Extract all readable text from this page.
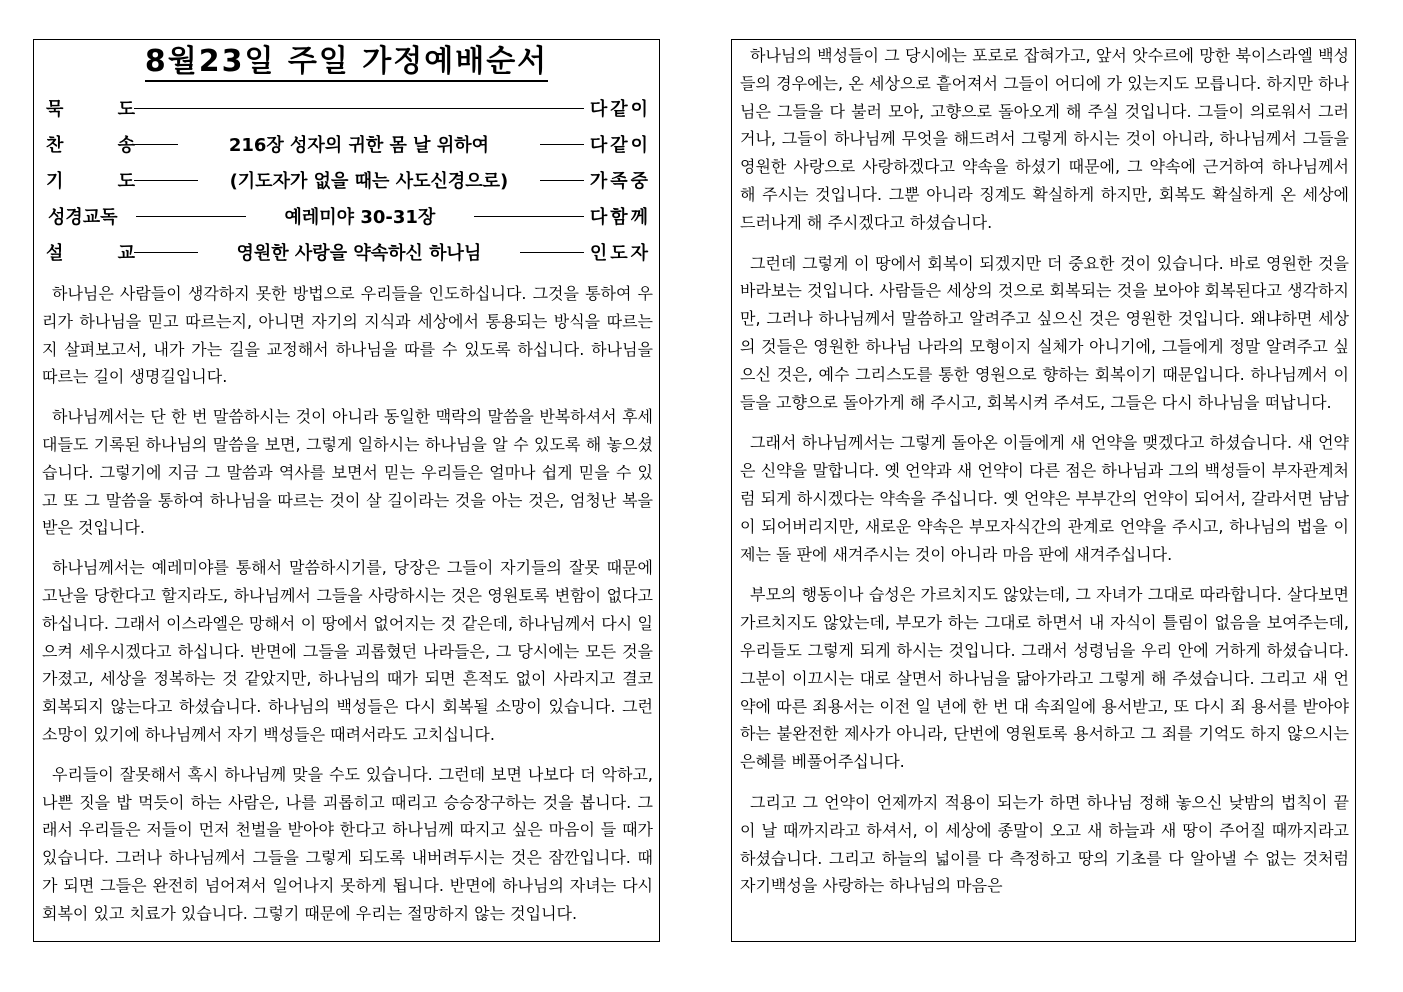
8월23일 주일 가정예배순서
묵 도	다같이
찬 송	216장 성자의 귀한 몸 날 위하여	다같이
기 도	(기도자가 없을 때는 사도신경으로)	가족중
성경교독	예레미야 30-31장	다함께
설 교	영원한 사랑을 약속하신 하나님	인도자

하나님은 사람들이 생각하지 못한 방법으로 우리들을 인도하십니다. 그것을 통하여 우리가 하나님을 믿고 따르는지, 아니면 자기의 지식과 세상에서 통용되는 방식을 따르는지 살펴보고서, 내가 가는 길을 교정해서 하나님을 따를 수 있도록 하십니다. 하나님을 따르는 길이 생명길입니다.

하나님께서는 단 한 번 말씀하시는 것이 아니라 동일한 맥락의 말씀을 반복하셔서 후세대들도 기록된 하나님의 말씀을 보면, 그렇게 일하시는 하나님을 알 수 있도록 해 놓으셨습니다. 그렇기에 지금 그 말씀과 역사를 보면서 믿는 우리들은 얼마나 쉽게 믿을 수 있고 또 그 말씀을 통하여 하나님을 따르는 것이 살 길이라는 것을 아는 것은, 엄청난 복을 받은 것입니다.

하나님께서는 예레미야를 통해서 말씀하시기를, 당장은 그들이 자기들의 잘못 때문에 고난을 당한다고 할지라도, 하나님께서 그들을 사랑하시는 것은 영원토록 변함이 없다고 하십니다. 그래서 이스라엘은 망해서 이 땅에서 없어지는 것 같은데, 하나님께서 다시 일으켜 세우시겠다고 하십니다. 반면에 그들을 괴롭혔던 나라들은, 그 당시에는 모든 것을 가졌고, 세상을 정복하는 것 같았지만, 하나님의 때가 되면 흔적도 없이 사라지고 결코 회복되지 않는다고 하셨습니다. 하나님의 백성들은 다시 회복될 소망이 있습니다. 그런 소망이 있기에 하나님께서 자기 백성들은 때려서라도 고치십니다.

우리들이 잘못해서 혹시 하나님께 맞을 수도 있습니다. 그런데 보면 나보다 더 악하고, 나쁜 짓을 밥 먹듯이 하는 사람은, 나를 괴롭히고 때리고 승승장구하는 것을 봅니다. 그래서 우리들은 저들이 먼저 천벌을 받아야 한다고 하나님께 따지고 싶은 마음이 들 때가 있습니다. 그러나 하나님께서 그들을 그렇게 되도록 내버려두시는 것은 잠깐입니다. 때가 되면 그들은 완전히 넘어져서 일어나지 못하게 됩니다. 반면에 하나님의 자녀는 다시 회복이 있고 치료가 있습니다. 그렇기 때문에 우리는 절망하지 않는 것입니다.

하나님의 백성들이 그 당시에는 포로로 잡혀가고, 앞서 앗수르에 망한 북이스라엘 백성들의 경우에는, 온 세상으로 흩어져서 그들이 어디에 가 있는지도 모릅니다. 하지만 하나님은 그들을 다 불러 모아, 고향으로 돌아오게 해 주실 것입니다. 그들이 의로워서 그러거나, 그들이 하나님께 무엇을 해드려서 그렇게 하시는 것이 아니라, 하나님께서 그들을 영원한 사랑으로 사랑하겠다고 약속을 하셨기 때문에, 그 약속에 근거하여 하나님께서 해 주시는 것입니다. 그뿐 아니라 징계도 확실하게 하지만, 회복도 확실하게 온 세상에 드러나게 해 주시겠다고 하셨습니다.

그런데 그렇게 이 땅에서 회복이 되겠지만 더 중요한 것이 있습니다. 바로 영원한 것을 바라보는 것입니다. 사람들은 세상의 것으로 회복되는 것을 보아야 회복된다고 생각하지만, 그러나 하나님께서 말씀하고 알려주고 싶으신 것은 영원한 것입니다. 왜냐하면 세상의 것들은 영원한 하나님 나라의 모형이지 실체가 아니기에, 그들에게 정말 알려주고 싶으신 것은, 예수 그리스도를 통한 영원으로 향하는 회복이기 때문입니다. 하나님께서 이들을 고향으로 돌아가게 해 주시고, 회복시켜 주셔도, 그들은 다시 하나님을 떠납니다.

그래서 하나님께서는 그렇게 돌아온 이들에게 새 언약을 맺겠다고 하셨습니다. 새 언약은 신약을 말합니다. 옛 언약과 새 언약이 다른 점은 하나님과 그의 백성들이 부자관계처럼 되게 하시겠다는 약속을 주십니다. 옛 언약은 부부간의 언약이 되어서, 갈라서면 남남이 되어버리지만, 새로운 약속은 부모자식간의 관계로 언약을 주시고, 하나님의 법을 이제는 돌 판에 새겨주시는 것이 아니라 마음 판에 새겨주십니다.

부모의 행동이나 습성은 가르치지도 않았는데, 그 자녀가 그대로 따라합니다. 살다보면 가르치지도 않았는데, 부모가 하는 그대로 하면서 내 자식이 틀림이 없음을 보여주는데, 우리들도 그렇게 되게 하시는 것입니다. 그래서 성령님을 우리 안에 거하게 하셨습니다. 그분이 이끄시는 대로 살면서 하나님을 닮아가라고 그렇게 해 주셨습니다. 그리고 새 언약에 따른 죄용서는 이전 일 년에 한 번 대 속죄일에 용서받고, 또 다시 죄 용서를 받아야 하는 불완전한 제사가 아니라, 단번에 영원토록 용서하고 그 죄를 기억도 하지 않으시는 은혜를 베풀어주십니다.

그리고 그 언약이 언제까지 적용이 되는가 하면 하나님 정해 놓으신 낮밤의 법칙이 끝이 날 때까지라고 하셔서, 이 세상에 종말이 오고 새 하늘과 새 땅이 주어질 때까지라고 하셨습니다. 그리고 하늘의 넓이를 다 측정하고 땅의 기초를 다 알아낼 수 없는 것처럼 자기백성을 사랑하는 하나님의 마음은
